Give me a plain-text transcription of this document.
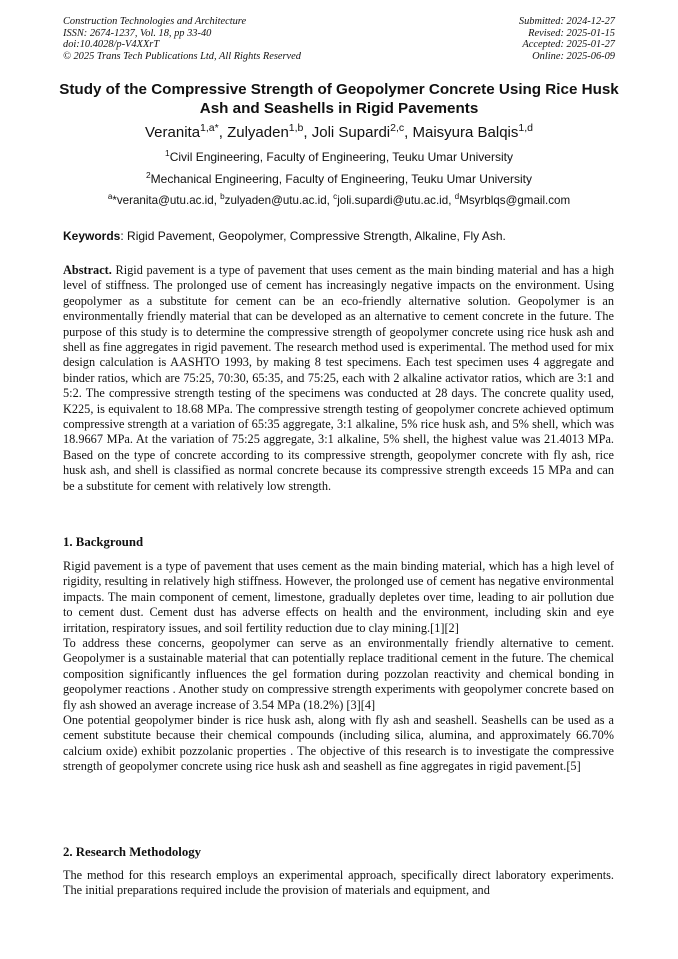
Construction Technologies and Architecture
ISSN: 2674-1237, Vol. 18, pp 33-40
doi:10.4028/p-V4XXrT
© 2025 Trans Tech Publications Ltd, All Rights Reserved
Submitted: 2024-12-27
Revised: 2025-01-15
Accepted: 2025-01-27
Online: 2025-06-09
Study of the Compressive Strength of Geopolymer Concrete Using Rice Husk Ash and Seashells in Rigid Pavements
Veranita$^{1,a*}$, Zulyaden$^{1,b}$, Joli Supardi$^{2,c}$, Maisyura Balqis$^{1,d}$
$^1$Civil Engineering, Faculty of Engineering, Teuku Umar University
$^2$Mechanical Engineering, Faculty of Engineering, Teuku Umar University
$^a$*veranita@utu.ac.id, $^b$zulyaden@utu.ac.id, $^c$joli.supardi@utu.ac.id, $^d$Msyrblqs@gmail.com
Keywords: Rigid Pavement, Geopolymer, Compressive Strength, Alkaline, Fly Ash.

Abstract. Rigid pavement is a type of pavement that uses cement as the main binding material and has a high level of stiffness. The prolonged use of cement has increasingly negative impacts on the environment. Using geopolymer as a substitute for cement can be an eco-friendly alternative solution. Geopolymer is an environmentally friendly material that can be developed as an alternative to cement concrete in the future. The purpose of this study is to determine the compressive strength of geopolymer concrete using rice husk ash and shell as fine aggregates in rigid pavement. The research method used is experimental. The method used for mix design calculation is AASHTO 1993, by making 8 test specimens. Each test specimen uses 4 aggregate and binder ratios, which are 75:25, 70:30, 65:35, and 75:25, each with 2 alkaline activator ratios, which are 3:1 and 5:2. The compressive strength testing of the specimens was conducted at 28 days. The concrete quality used, K225, is equivalent to 18.68 MPa. The compressive strength testing of geopolymer concrete achieved optimum compressive strength at a variation of 65:35 aggregate, 3:1 alkaline, 5% rice husk ash, and 5% shell, which was 18.9667 MPa. At the variation of 75:25 aggregate, 3:1 alkaline, 5% shell, the highest value was 21.4013 MPa. Based on the type of concrete according to its compressive strength, geopolymer concrete with fly ash, rice husk ash, and shell is classified as normal concrete because its compressive strength exceeds 15 MPa and can be a substitute for cement with relatively low strength.

1. Background

Rigid pavement is a type of pavement that uses cement as the main binding material, which has a high level of rigidity, resulting in relatively high stiffness. However, the prolonged use of cement has negative environmental impacts. The main component of cement, limestone, gradually depletes over time, leading to air pollution due to cement dust. Cement dust has adverse effects on health and the environment, including skin and eye irritation, respiratory issues, and soil fertility reduction due to clay mining.[1][2]

To address these concerns, geopolymer can serve as an environmentally friendly alternative to cement. Geopolymer is a sustainable material that can potentially replace traditional cement in the future. The chemical composition significantly influences the gel formation during pozzolan reactivity and chemical bonding in geopolymer reactions . Another study on compressive strength experiments with geopolymer concrete based on fly ash showed an average increase of 3.54 MPa (18.2%) [3][4]

One potential geopolymer binder is rice husk ash, along with fly ash and seashell. Seashells can be used as a cement substitute because their chemical compounds (including silica, alumina, and approximately 66.70% calcium oxide) exhibit pozzolanic properties . The objective of this research is to investigate the compressive strength of geopolymer concrete using rice husk ash and seashell as fine aggregates in rigid pavement.[5]

2. Research Methodology

The method for this research employs an experimental approach, specifically direct laboratory experiments. The initial preparations required include the provision of materials and equipment, and
